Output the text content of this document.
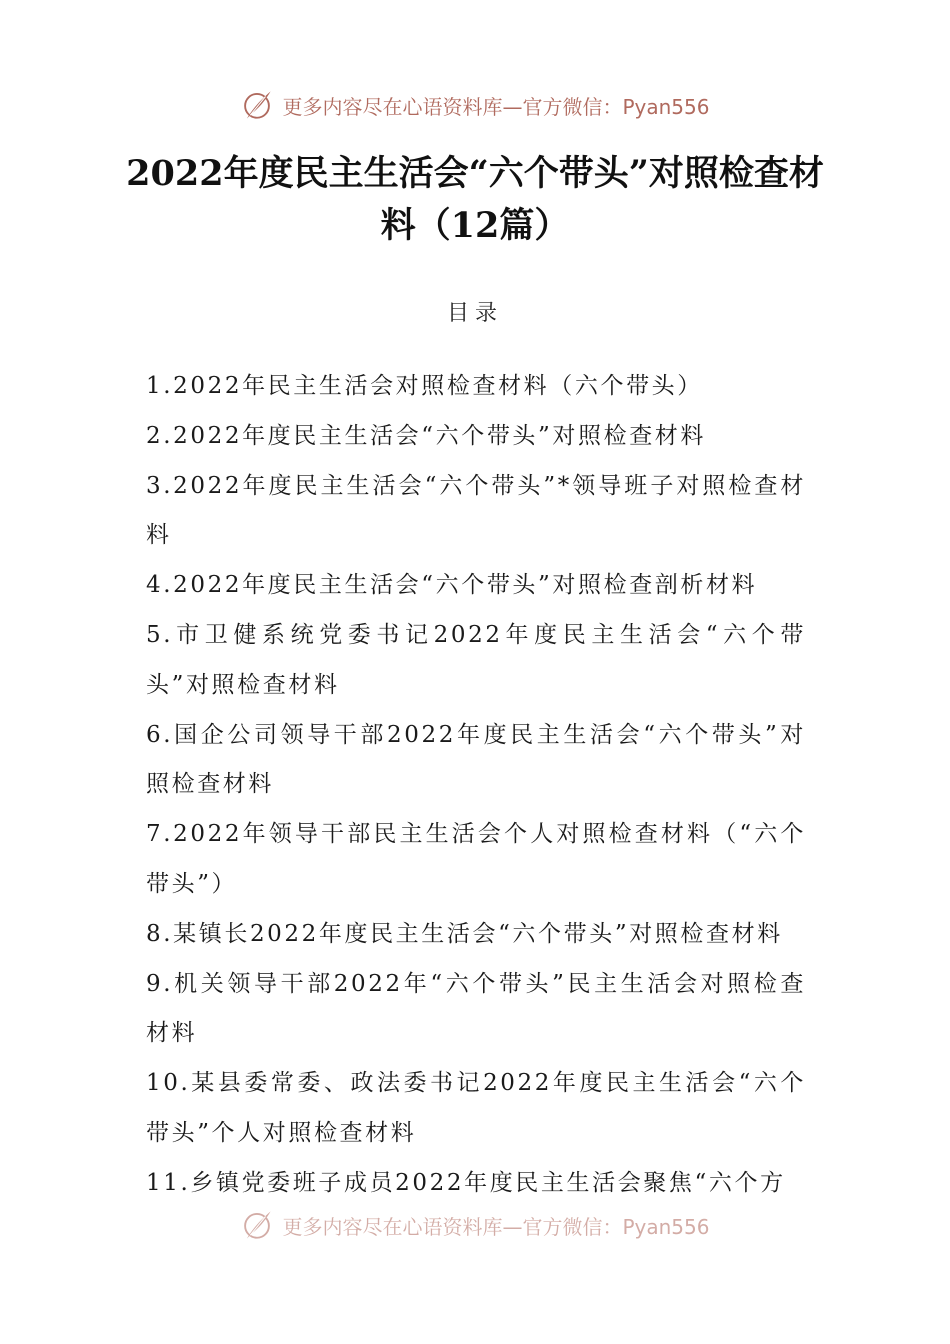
更多内容尽在心语资料库—官方微信：Pyan556
2022年度民主生活会“六个带头”对照检查材料（12篇）
目录
1.2022年民主生活会对照检查材料（六个带头）
2.2022年度民主生活会“六个带头”对照检查材料
3.2022年度民主生活会“六个带头”*领导班子对照检查材料
4.2022年度民主生活会“六个带头”对照检查剖析材料
5.市卫健系统党委书记2022年度民主生活会“六个带头”对照检查材料
6.国企公司领导干部2022年度民主生活会“六个带头”对照检查材料
7.2022年领导干部民主生活会个人对照检查材料（“六个带头”）
8.某镇长2022年度民主生活会“六个带头”对照检查材料
9.机关领导干部2022年“六个带头”民主生活会对照检查材料
10.某县委常委、政法委书记2022年度民主生活会“六个带头”个人对照检查材料
11.乡镇党委班子成员2022年度民主生活会聚焦“六个方
更多内容尽在心语资料库—官方微信：Pyan556
